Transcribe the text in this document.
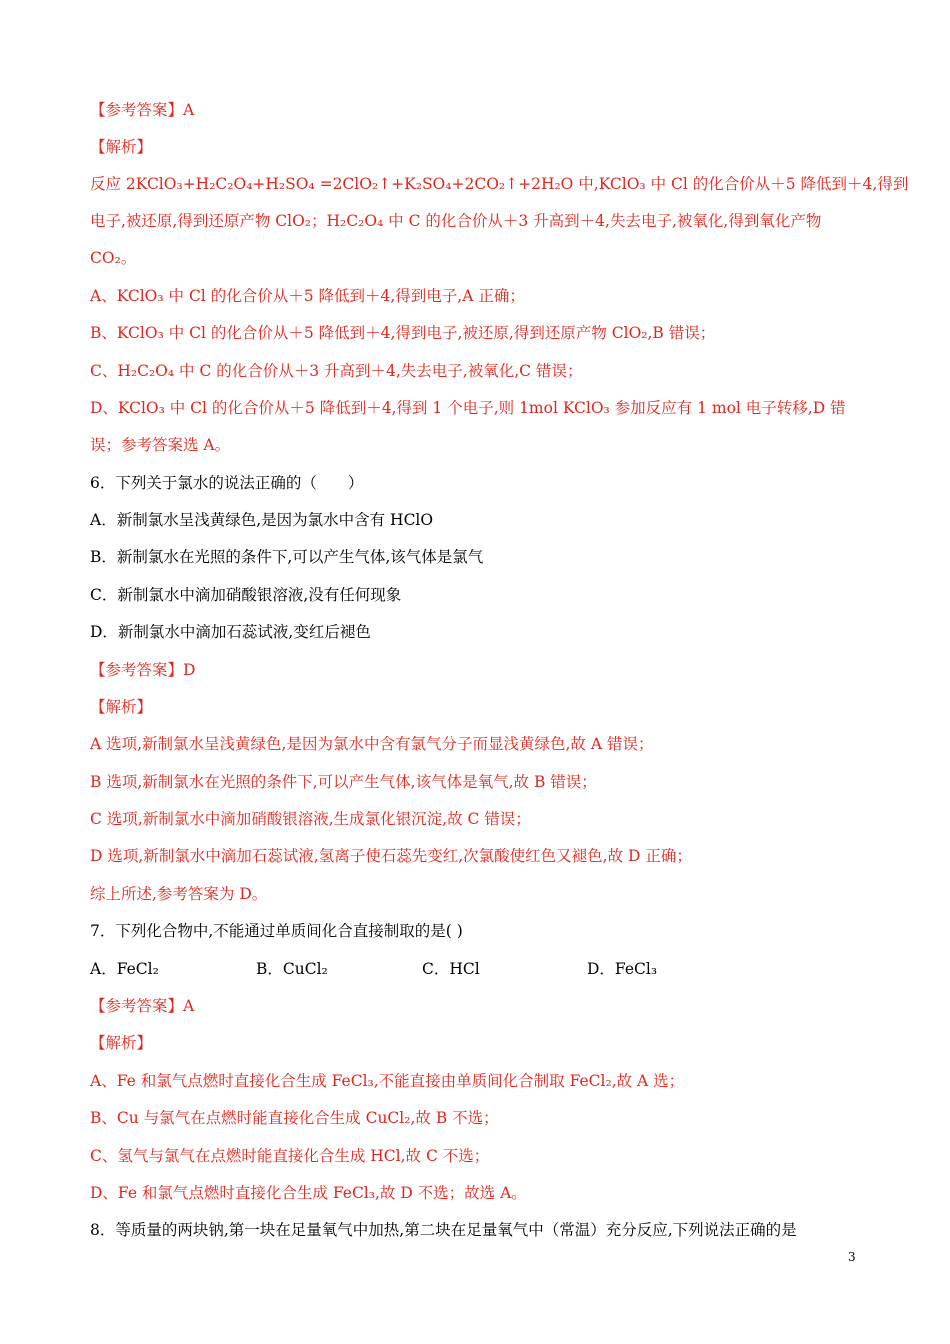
【参考答案】A
【解析】
反应 2KClO₃+H₂C₂O₄+H₂SO₄ =2ClO₂↑+K₂SO₄+2CO₂↑+2H₂O 中,KClO₃ 中 Cl 的化合价从＋5 降低到＋4,得到
电子,被还原,得到还原产物 ClO₂；H₂C₂O₄ 中 C 的化合价从＋3 升高到＋4,失去电子,被氧化,得到氧化产物
CO₂。
A、KClO₃ 中 Cl 的化合价从＋5 降低到＋4,得到电子,A 正确；
B、KClO₃ 中 Cl 的化合价从＋5 降低到＋4,得到电子,被还原,得到还原产物 ClO₂,B 错误；
C、H₂C₂O₄ 中 C 的化合价从＋3 升高到＋4,失去电子,被氧化,C 错误；
D、KClO₃ 中 Cl 的化合价从＋5 降低到＋4,得到 1 个电子,则 1mol KClO₃ 参加反应有 1 mol 电子转移,D 错
误；参考答案选 A。
6．下列关于氯水的说法正确的（　　）
A．新制氯水呈浅黄绿色,是因为氯水中含有 HClO
B．新制氯水在光照的条件下,可以产生气体,该气体是氯气
C．新制氯水中滴加硝酸银溶液,没有任何现象
D．新制氯水中滴加石蕊试液,变红后褪色
【参考答案】D
【解析】
A 选项,新制氯水呈浅黄绿色,是因为氯水中含有氯气分子而显浅黄绿色,故 A 错误；
B 选项,新制氯水在光照的条件下,可以产生气体,该气体是氧气,故 B 错误；
C 选项,新制氯水中滴加硝酸银溶液,生成氯化银沉淀,故 C 错误；
D 选项,新制氯水中滴加石蕊试液,氢离子使石蕊先变红,次氯酸使红色又褪色,故 D 正确；
综上所述,参考答案为 D。
7．下列化合物中,不能通过单质间化合直接制取的是( )
A．FeCl₂	B．CuCl₂	C．HCl	D．FeCl₃
【参考答案】A
【解析】
A、Fe 和氯气点燃时直接化合生成 FeCl₃,不能直接由单质间化合制取 FeCl₂,故 A 选；
B、Cu 与氯气在点燃时能直接化合生成 CuCl₂,故 B 不选；
C、氢气与氯气在点燃时能直接化合生成 HCl,故 C 不选；
D、Fe 和氯气点燃时直接化合生成 FeCl₃,故 D 不选；故选 A。
8．等质量的两块钠,第一块在足量氧气中加热,第二块在足量氧气中（常温）充分反应,下列说法正确的是
3
